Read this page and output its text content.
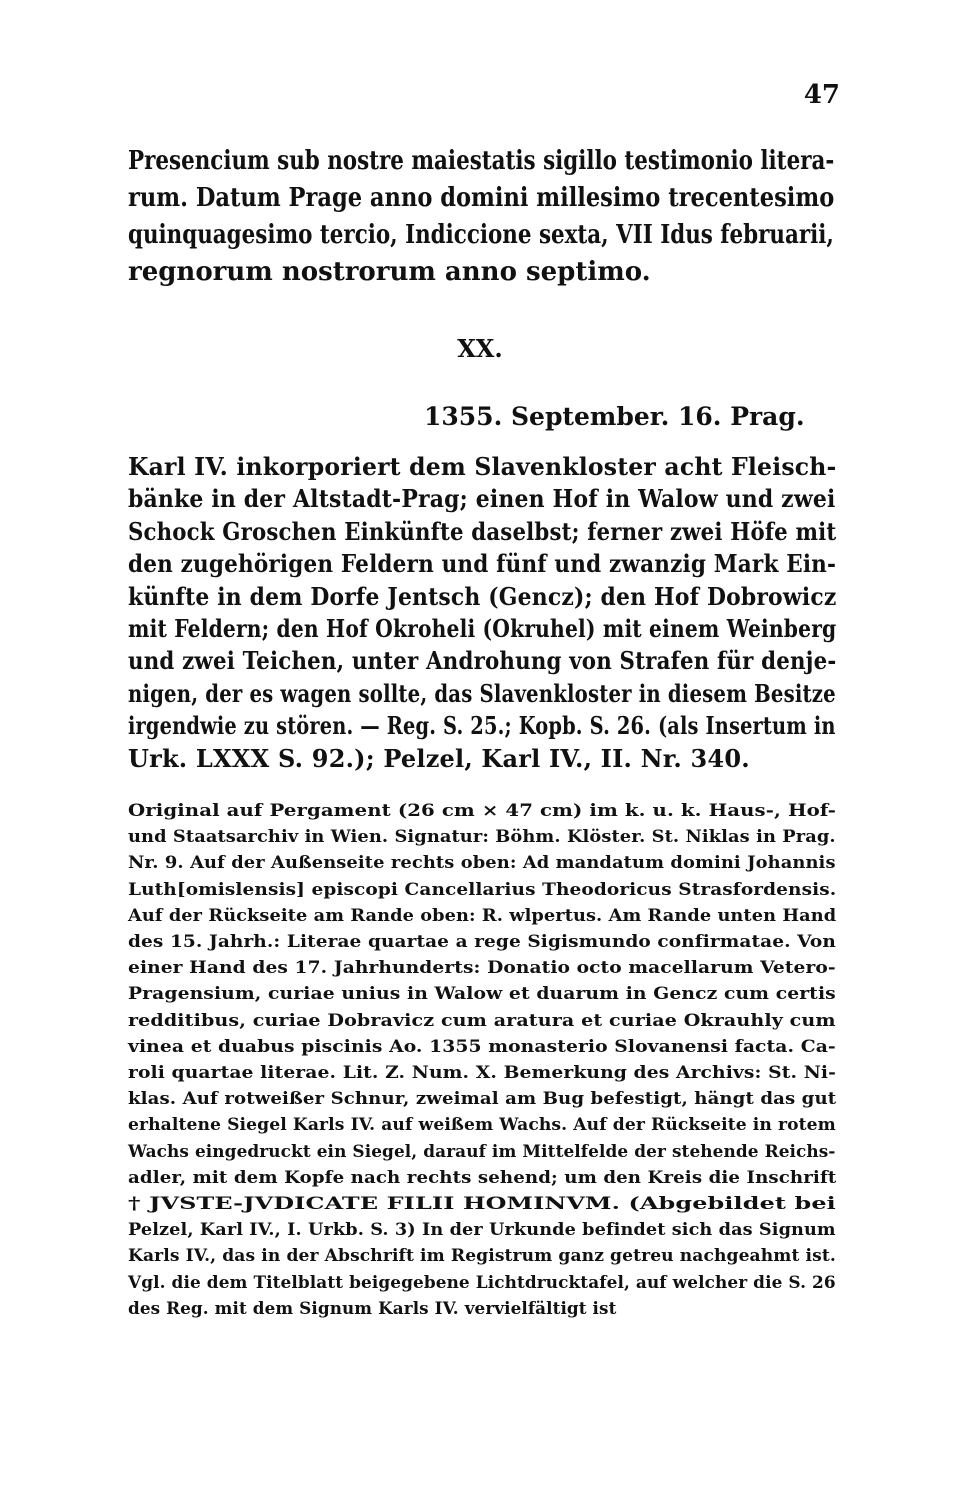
47
Presencium sub nostre maiestatis sigillo testimonio litera-
rum. Datum Prage anno domini millesimo trecentesimo
quinquagesimo tercio, Indiccione sexta, VII Idus februarii,
regnorum nostrorum anno septimo.
XX.
1355. September. 16. Prag.
Karl IV. inkorporiert dem Slavenkloster acht Fleisch-
bänke in der Altstadt-Prag; einen Hof in Walow und zwei
Schock Groschen Einkünfte daselbst; ferner zwei Höfe mit
den zugehörigen Feldern und fünf und zwanzig Mark Ein-
künfte in dem Dorfe Jentsch (Gencz); den Hof Dobrowicz
mit Feldern; den Hof Okroheli (Okruhel) mit einem Weinberg
und zwei Teichen, unter Androhung von Strafen für denje-
nigen, der es wagen sollte, das Slavenkloster in diesem Besitze
irgendwie zu stören. — Reg. S. 25.; Kopb. S. 26. (als Insertum in
Urk. LXXX S. 92.); Pelzel, Karl IV., II. Nr. 340.
Original auf Pergament (26 cm × 47 cm) im k. u. k. Haus-, Hof-
und Staatsarchiv in Wien. Signatur: Böhm. Klöster. St. Niklas in Prag.
Nr. 9. Auf der Außenseite rechts oben: Ad mandatum domini Johannis
Luth[omislensis] episcopi Cancellarius Theodoricus Strasfordensis.
Auf der Rückseite am Rande oben: R. wlpertus. Am Rande unten Hand
des 15. Jahrh.: Literae quartae a rege Sigismundo confirmatae. Von
einer Hand des 17. Jahrhunderts: Donatio octo macellarum Vetero-
Pragensium, curiae unius in Walow et duarum in Gencz cum certis
redditibus, curiae Dobravicz cum aratura et curiae Okrauhly cum
vinea et duabus piscinis Ao. 1355 monasterio Slovanensi facta. Ca-
roli quartae literae. Lit. Z. Num. X. Bemerkung des Archivs: St. Ni-
klas. Auf rotweißer Schnur, zweimal am Bug befestigt, hängt das gut
erhaltene Siegel Karls IV. auf weißem Wachs. Auf der Rückseite in rotem
Wachs eingedruckt ein Siegel, darauf im Mittelfelde der stehende Reichs-
adler, mit dem Kopfe nach rechts sehend; um den Kreis die Inschrift
† JVSTE-JVDICATE FILII HOMINVM. (Abgebildet bei
Pelzel, Karl IV., I. Urkb. S. 3) In der Urkunde befindet sich das Signum
Karls IV., das in der Abschrift im Registrum ganz getreu nachgeahmt ist.
Vgl. die dem Titelblatt beigegebene Lichtdrucktafel, auf welcher die S. 26
des Reg. mit dem Signum Karls IV. vervielfältigt ist
